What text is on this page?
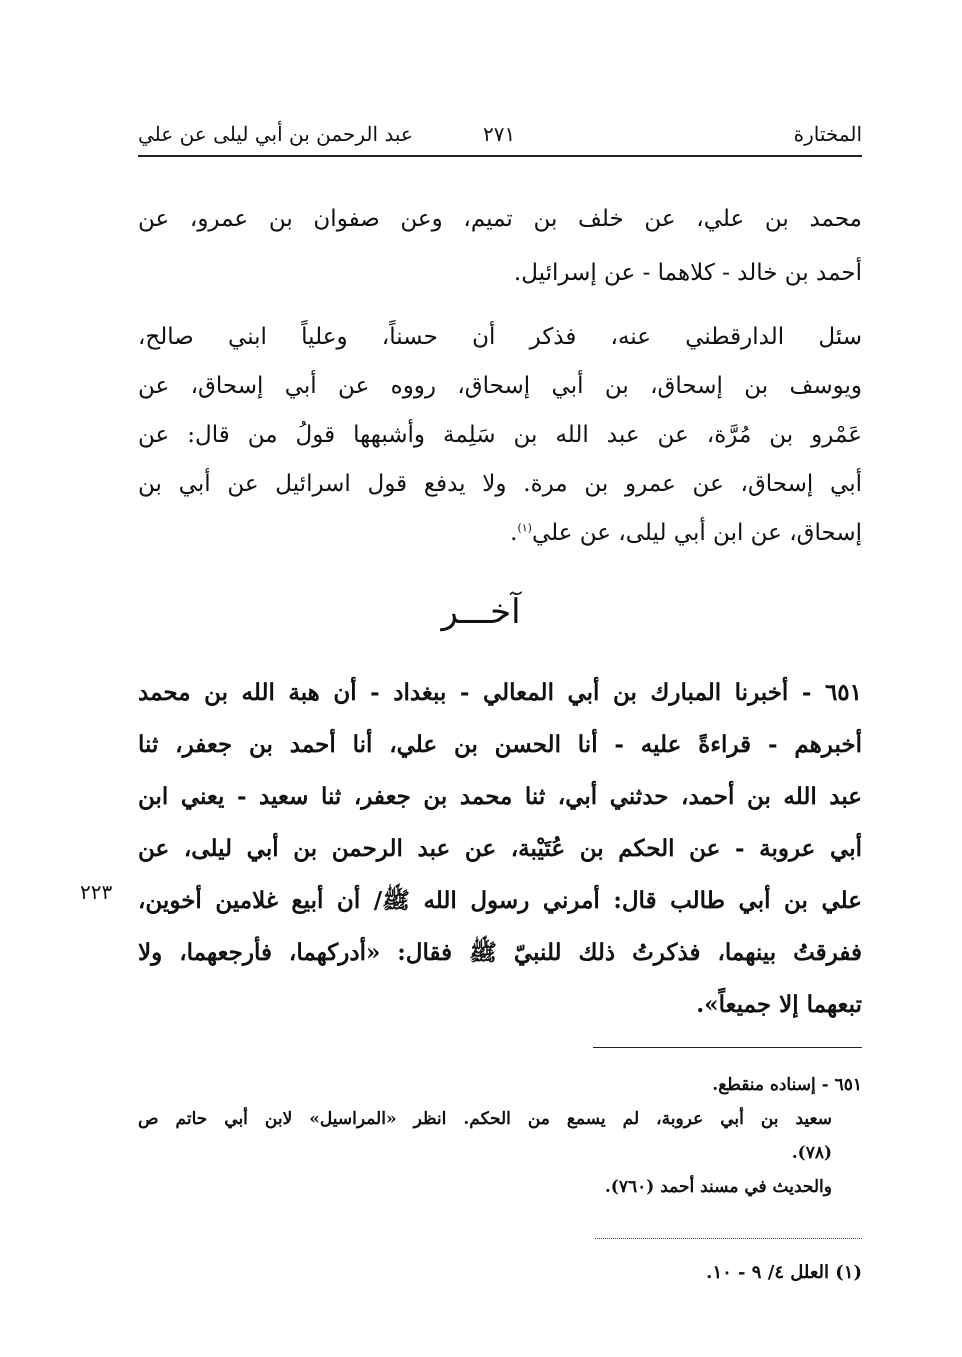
المختارة
٢٧١
عبد الرحمن بن أبي ليلى عن علي
محمد بن علي، عن خلف بن تميم، وعن صفوان بن عمرو، عن
أحمد بن خالد - كلاهما - عن إسرائيل.
سئل الدارقطني عنه، فذكر أن حسناً، وعلياً ابني صالح،
ويوسف بن إسحاق، بن أبي إسحاق، رووه عن أبي إسحاق، عن
عَمْرو بن مُرَّة، عن عبد الله بن سَلِمة وأشبهها قولُ من قال: عن
أبي إسحاق، عن عمرو بن مرة. ولا يدفع قول اسرائيل عن أبي بن
إسحاق، عن ابن أبي ليلى، عن علي$^{(١)}$.
آخـــر
٦٥١ - أخبرنا المبارك بن أبي المعالي - ببغداد - أن هبة الله بن محمد
أخبرهم - قراءةً عليه - أنا الحسن بن علي، أنا أحمد بن جعفر، ثنا
عبد الله بن أحمد، حدثني أبي، ثنا محمد بن جعفر، ثنا سعيد - يعني ابن
أبي عروبة - عن الحكم بن عُتَيْبة، عن عبد الرحمن بن أبي ليلى، عن
علي بن أبي طالب قال: أمرني رسول الله ﷺ/ أن أبيع غلامين أخوين،
ففرقتُ بينهما، فذكرتُ ذلك للنبيّ ﷺ فقال: «أدركهما، فأرجعهما، ولا
تبعهما إلا جميعاً».
٢٢٣
٦٥١ - إسناده منقطع.
سعيد بن أبي عروبة، لم يسمع من الحكم. انظر «المراسيل» لابن أبي حاتم ص
(٧٨).
والحديث في مسند أحمد (٧٦٠).
(١) العلل ٤/ ٩ - ١٠.
